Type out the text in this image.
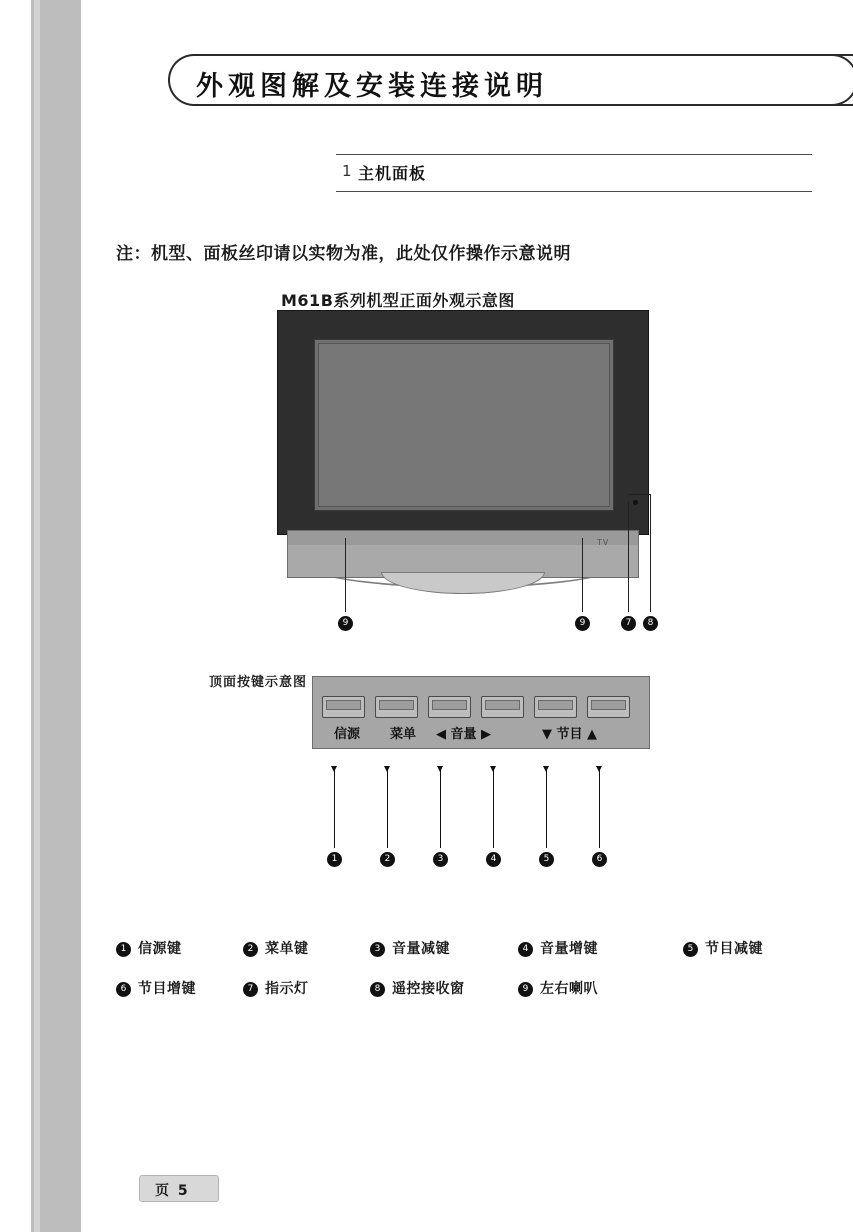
外观图解及安装连接说明
1 主机面板
注：机型、面板丝印请以实物为准，此处仅作操作示意说明
M61B系列机型正面外观示意图
TV
9	9	7	8
顶面按键示意图
信源 菜单 ◀ 音量 ▶	▼ 节目 ▲
1	2	3	4	5	6
1 信源键	2 菜单键	3 音量减键	4 音量增键	5 节目减键
6 节目增键	7 指示灯	8 遥控接收窗	9 左右喇叭
页 5
